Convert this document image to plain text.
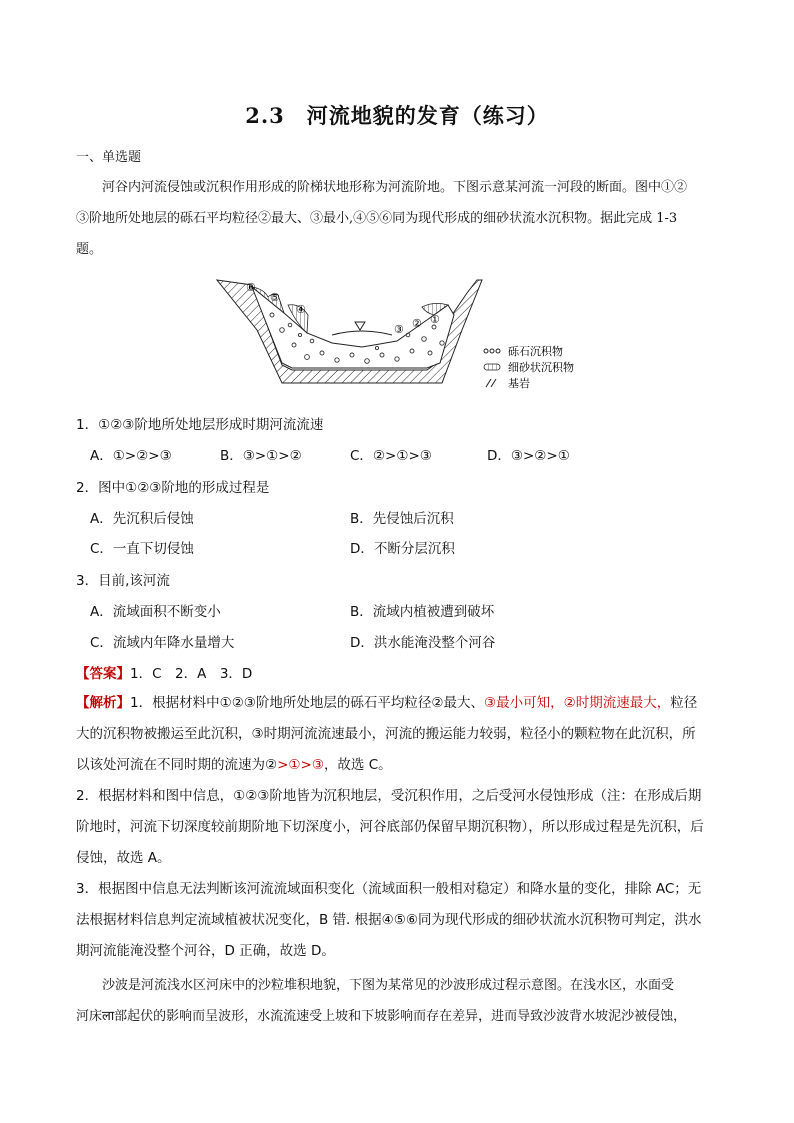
2.3　河流地貌的发育（练习）
一、单选题
河谷内河流侵蚀或沉积作用形成的阶梯状地形称为河流阶地。下图示意某河流一河段的断面。图中①②
③阶地所处地层的砾石平均粒径②最大、③最小,④⑤⑥同为现代形成的细砂状流水沉积物。据此完成 1-3
题。
⑥
⑤
④
③ ② ①
砾石沉积物
细砂状沉积物
基岩
1．①②③阶地所处地层形成时期河流流速
A．①>②>③	B．③>①>②	C．②>①>③	D．③>②>①
2．图中①②③阶地的形成过程是
A．先沉积后侵蚀	B．先侵蚀后沉积
C．一直下切侵蚀	D．不断分层沉积
3．目前,该河流
A．流域面积不断变小	B．流域内植被遭到破坏
C．流域内年降水量增大	D．洪水能淹没整个河谷
【答案】1．C　2．A　3．D
【解析】1．根据材料中①②③阶地所处地层的砾石平均粒径②最大、③最小可知，②时期流速最大，粒径
大的沉积物被搬运至此沉积，③时期河流流速最小，河流的搬运能力较弱，粒径小的颗粒物在此沉积，所
以该处河流在不同时期的流速为②>①>③，故选 C。
2．根据材料和图中信息，①②③阶地皆为沉积地层，受沉积作用，之后受河水侵蚀形成（注：在形成后期
阶地时，河流下切深度较前期阶地下切深度小，河谷底部仍保留早期沉积物），所以形成过程是先沉积，后
侵蚀，故选 A。
3．根据图中信息无法判断该河流流域面积变化（流域面积一般相对稳定）和降水量的变化，排除 AC；无
法根据材料信息判定流域植被状况变化，B 错. 根据④⑤⑥同为现代形成的细砂状流水沉积物可判定，洪水
期河流能淹没整个河谷，D 正确，故选 D。
沙波是河流浅水区河床中的沙粒堆积地貌，下图为某常见的沙波形成过程示意图。在浅水区，水面受
河床ला部起伏的影响而呈波形，水流流速受上坡和下坡影响而存在差异，进而导致沙波背水坡泥沙被侵蚀，
